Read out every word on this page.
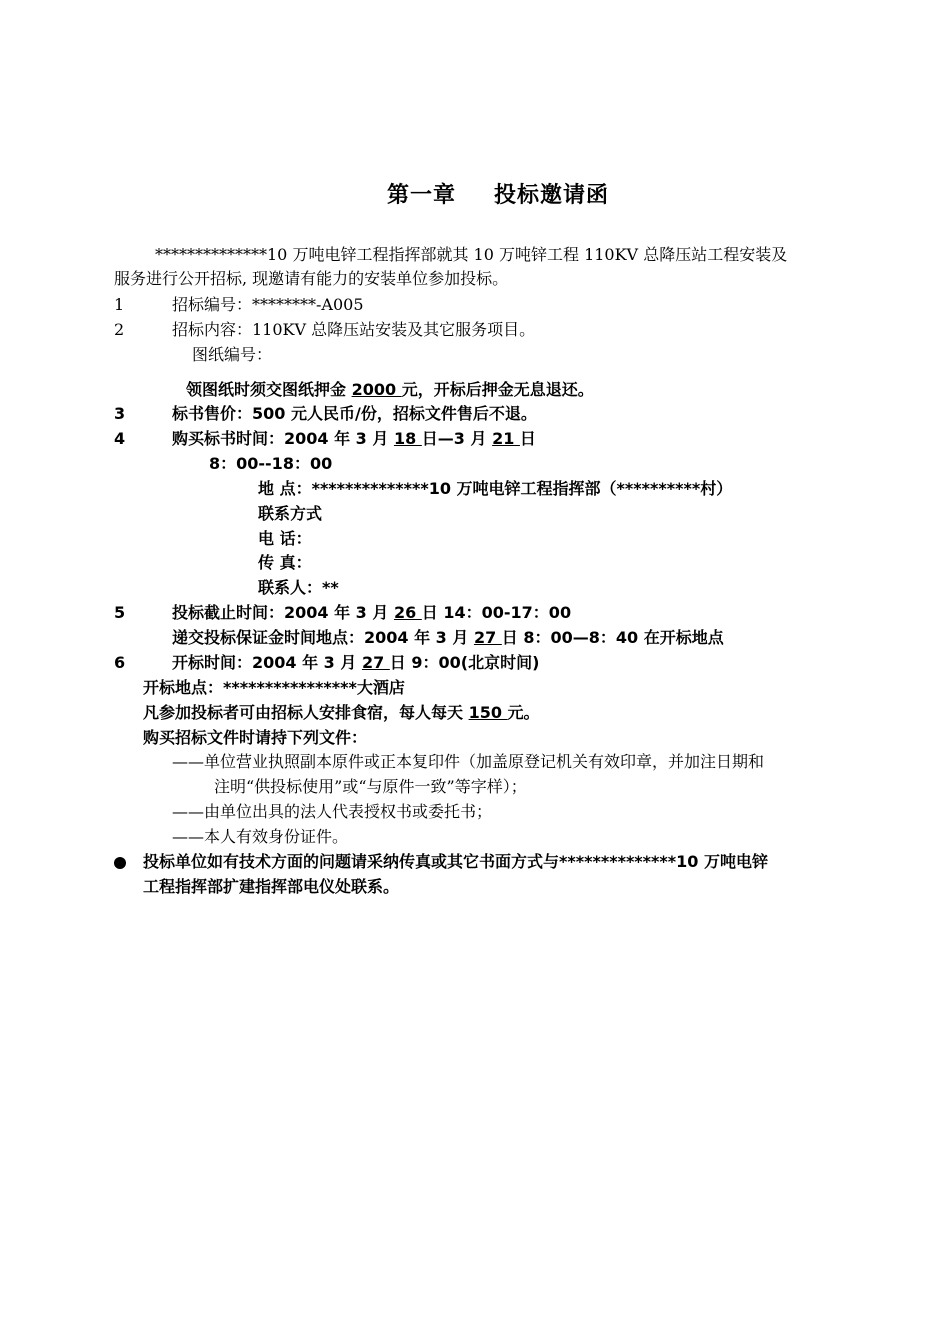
第一章 投标邀请函
**************10 万吨电锌工程指挥部就其 10 万吨锌工程 110KV 总降压站工程安装及
服务进行公开招标, 现邀请有能力的安装单位参加投标。
1	招标编号：********-A005
2	招标内容：110KV 总降压站安装及其它服务项目。
图纸编号：
领图纸时须交图纸押金 2000 元，开标后押金无息退还。
3	标书售价：500 元人民币/份，招标文件售后不退。
4	购买标书时间：2004 年 3 月 18 日—3 月 21 日
8：00--18：00
地 点：**************10 万吨电锌工程指挥部（**********村）
联系方式
电 话：
传 真：
联系人：**
5	投标截止时间：2004 年 3 月 26 日 14：00-17：00
递交投标保证金时间地点：2004 年 3 月 27 日 8：00—8：40 在开标地点
6	开标时间：2004 年 3 月 27 日 9：00(北京时间)
开标地点：****************大酒店
凡参加投标者可由招标人安排食宿，每人每天 150 元。
购买招标文件时请持下列文件：
——单位营业执照副本原件或正本复印件（加盖原登记机关有效印章，并加注日期和
注明“供投标使用”或“与原件一致”等字样）；
——由单位出具的法人代表授权书或委托书；
——本人有效身份证件。
投标单位如有技术方面的问题请采纳传真或其它书面方式与**************10 万吨电锌
工程指挥部扩建指挥部电仪处联系。
